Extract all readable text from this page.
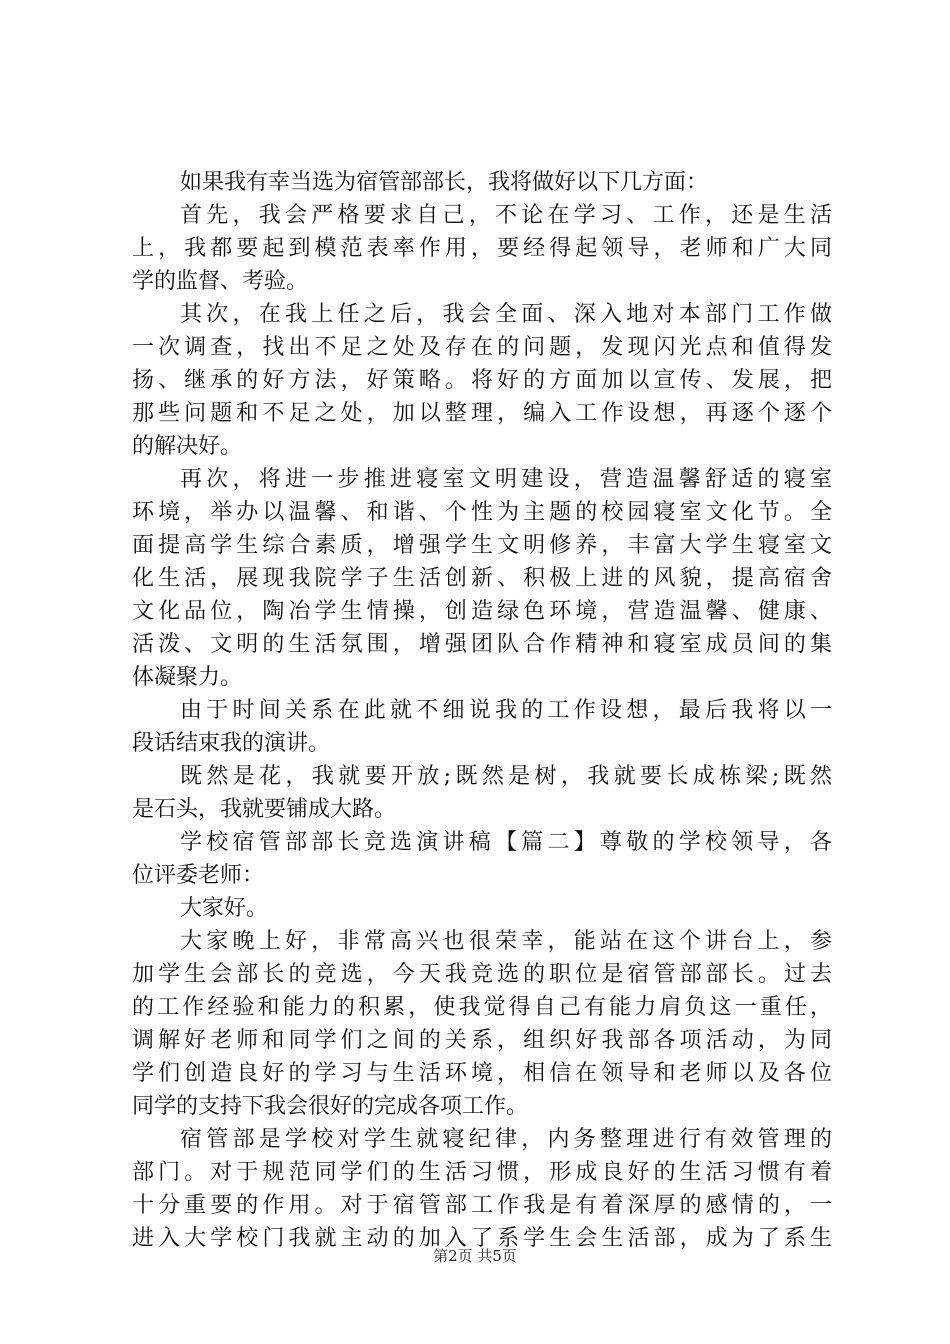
如果我有幸当选为宿管部部长，我将做好以下几方面：
首先，我会严格要求自己，不论在学习、工作，还是生活
上，我都要起到模范表率作用，要经得起领导，老师和广大同
学的监督、考验。
其次，在我上任之后，我会全面、深入地对本部门工作做
一次调查，找出不足之处及存在的问题，发现闪光点和值得发
扬、继承的好方法，好策略。将好的方面加以宣传、发展，把
那些问题和不足之处，加以整理，编入工作设想，再逐个逐个
的解决好。
再次，将进一步推进寝室文明建设，营造温馨舒适的寝室
环境，举办以温馨、和谐、个性为主题的校园寝室文化节。全
面提高学生综合素质，增强学生文明修养，丰富大学生寝室文
化生活，展现我院学子生活创新、积极上进的风貌，提高宿舍
文化品位，陶冶学生情操，创造绿色环境，营造温馨、健康、
活泼、文明的生活氛围，增强团队合作精神和寝室成员间的集
体凝聚力。
由于时间关系在此就不细说我的工作设想，最后我将以一
段话结束我的演讲。
既然是花，我就要开放;既然是树，我就要长成栋梁;既然
是石头，我就要铺成大路。
学校宿管部部长竞选演讲稿【篇二】尊敬的学校领导，各
位评委老师：
大家好。
大家晚上好，非常高兴也很荣幸，能站在这个讲台上，参
加学生会部长的竞选，今天我竞选的职位是宿管部部长。过去
的工作经验和能力的积累，使我觉得自己有能力肩负这一重任，
调解好老师和同学们之间的关系，组织好我部各项活动，为同
学们创造良好的学习与生活环境，相信在领导和老师以及各位
同学的支持下我会很好的完成各项工作。
宿管部是学校对学生就寝纪律，内务整理进行有效管理的
部门。对于规范同学们的生活习惯，形成良好的生活习惯有着
十分重要的作用。对于宿管部工作我是有着深厚的感情的，一
进入大学校门我就主动的加入了系学生会生活部，成为了系生
第2页 共5页
